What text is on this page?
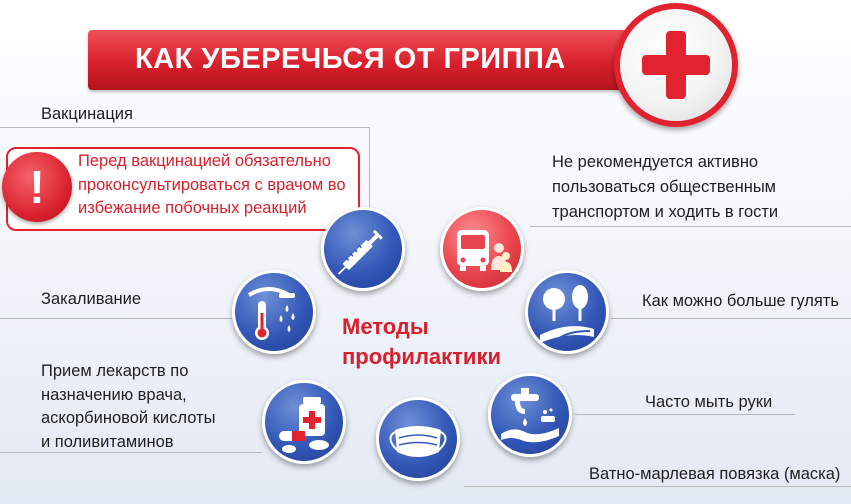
КАК УБЕРЕЧЬСЯ ОТ ГРИППА
Вакцинация
Не рекомендуется активно
пользоваться общественным
транспортом и ходить в гости
Закаливание	Как можно больше гулять
Прием лекарств по
назначению врача,
аскорбиновой кислоты
и поливитаминов
Часто мыть руки
Ватно-марлевая повязка (маска)
!	Перед вакцинацией обязательно
проконсультироваться с врачом во
избежание побочных реакций
Методы
профилактики
